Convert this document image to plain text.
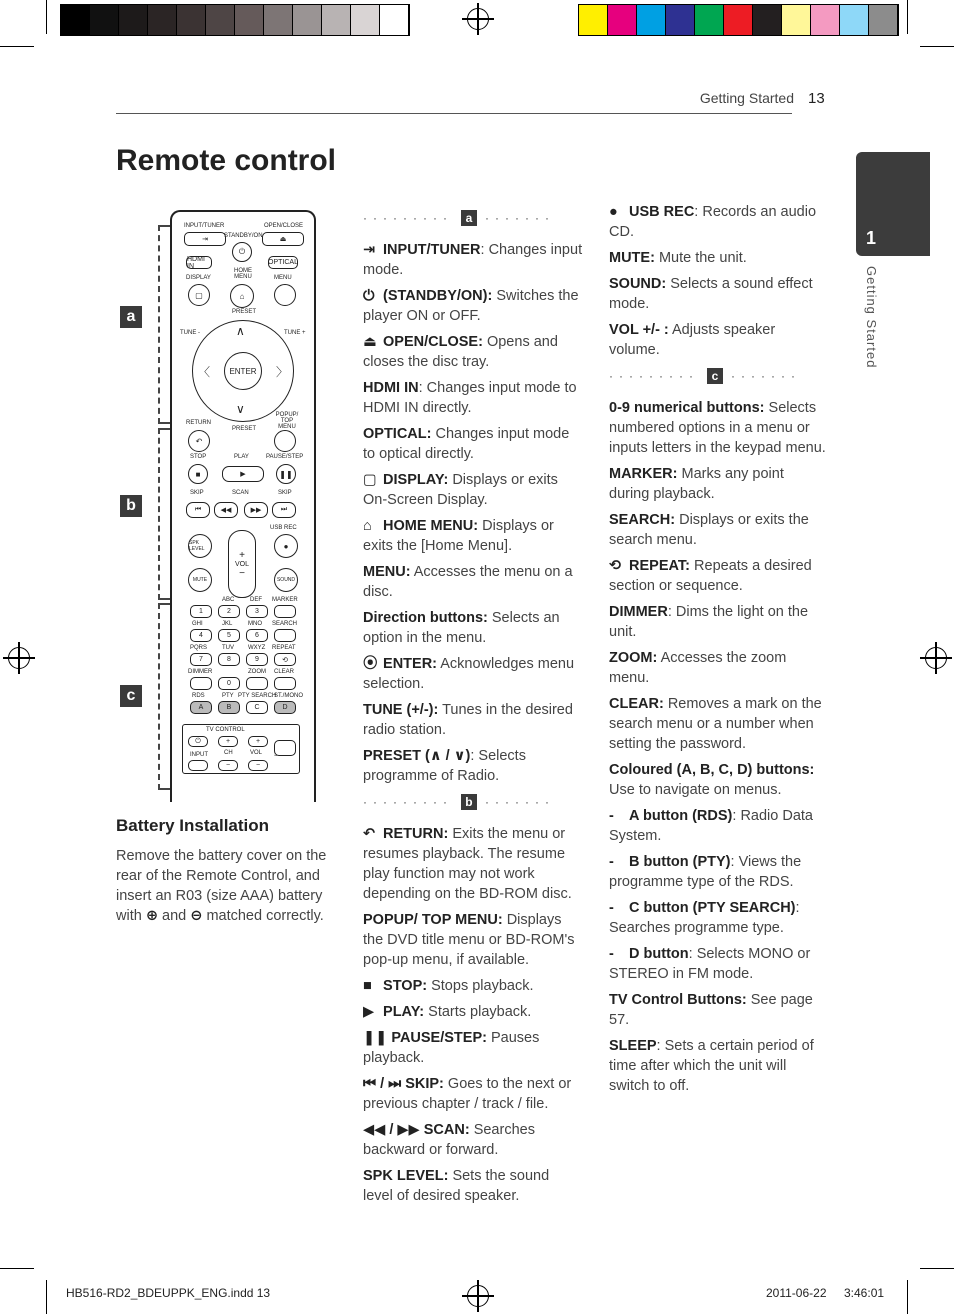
Getting Started 13
Remote control
1
Getting Started
a
b
c
INPUT/TUNER	OPEN/CLOSE
⇥	⏏
STANDBY/ON
⏻
HDMI IN	OPTICAL
DISPLAY
HOME MENU	MENU
▢	⌂
PRESET
TUNE -	TUNE +
ENTER
∧
∨
〈	〉
RETURN
PRESET
POPUP/ TOP MENU
↶
STOP	PLAY	PAUSE/STEP
■	▶	❚❚
SKIP	SCAN	SKIP
⏮	◀◀	▶▶	⏭
USB REC
SPK LEVEL
+
VOL
−
●
MUTE	SOUND
ABC	DEF MARKER
1	2	3
GHI	JKL	MNO SEARCH
4	5	6
PQRS TUV WXYZ REPEAT
7	8	9	⟲
DIMMER	ZOOM CLEAR
0
RDS	PTY PTY SEARCH
ST./MONO
A	B	C	D
TV CONTROL
⏻	+	+
INPUT	CH	VOL
−	−
Battery Installation
Remove the battery cover on the rear of the Remote Control, and insert an R03 (size AAA) battery with ⊕ and ⊖ matched correctly.
·········	a	·······

⇥ INPUT/TUNER: Changes input mode.

⏻ (STANDBY/ON): Switches the player ON or OFF.

⏏ OPEN/CLOSE: Opens and closes the disc tray.

HDMI IN: Changes input mode to HDMI IN directly.

OPTICAL: Changes input mode to optical directly.

▢ DISPLAY: Displays or exits On-Screen Display.

⌂ HOME MENU: Displays or exits the [Home Menu].

MENU: Accesses the menu on a disc.

Direction buttons: Selects an option in the menu.

⦿ ENTER: Acknowledges menu selection.

TUNE (+/-): Tunes in the desired radio station.

PRESET (∧ / ∨): Selects programme of Radio.

·········	b	·······

↶ RETURN: Exits the menu or resumes playback. The resume play function may not work depending on the BD-ROM disc.

POPUP/ TOP MENU: Displays the DVD title menu or BD-ROM's pop-up menu, if available.

■ STOP: Stops playback.

▶ PLAY: Starts playback.

❚❚ PAUSE/STEP: Pauses playback.

⏮ / ⏭ SKIP: Goes to the next or previous chapter / track / file.

◀◀ / ▶▶ SCAN: Searches backward or forward.

SPK LEVEL: Sets the sound level of desired speaker.

● USB REC: Records an audio CD.

MUTE: Mute the unit.

SOUND: Selects a sound effect mode.

VOL +/- : Adjusts speaker volume.

·········	c	·······

0-9 numerical buttons: Selects numbered options in a menu or inputs letters in the keypad menu.

MARKER: Marks any point during playback.

SEARCH: Displays or exits the search menu.

⟲ REPEAT: Repeats a desired section or sequence.

DIMMER: Dims the light on the unit.

ZOOM: Accesses the zoom menu.

CLEAR: Removes a mark on the search menu or a number when setting the password.

Coloured (A, B, C, D) buttons: Use to navigate on menus.

- A button (RDS): Radio Data System.

- B button (PTY): Views the programme type of the RDS.

- C button (PTY SEARCH): Searches programme type.

- D button: Selects MONO or STEREO in FM mode.

TV Control Buttons: See page 57.

SLEEP: Sets a certain period of time after which the unit will switch to off.

HB516-RD2_BDEUPPK_ENG.indd 13	2011-06-22    3:46:01
